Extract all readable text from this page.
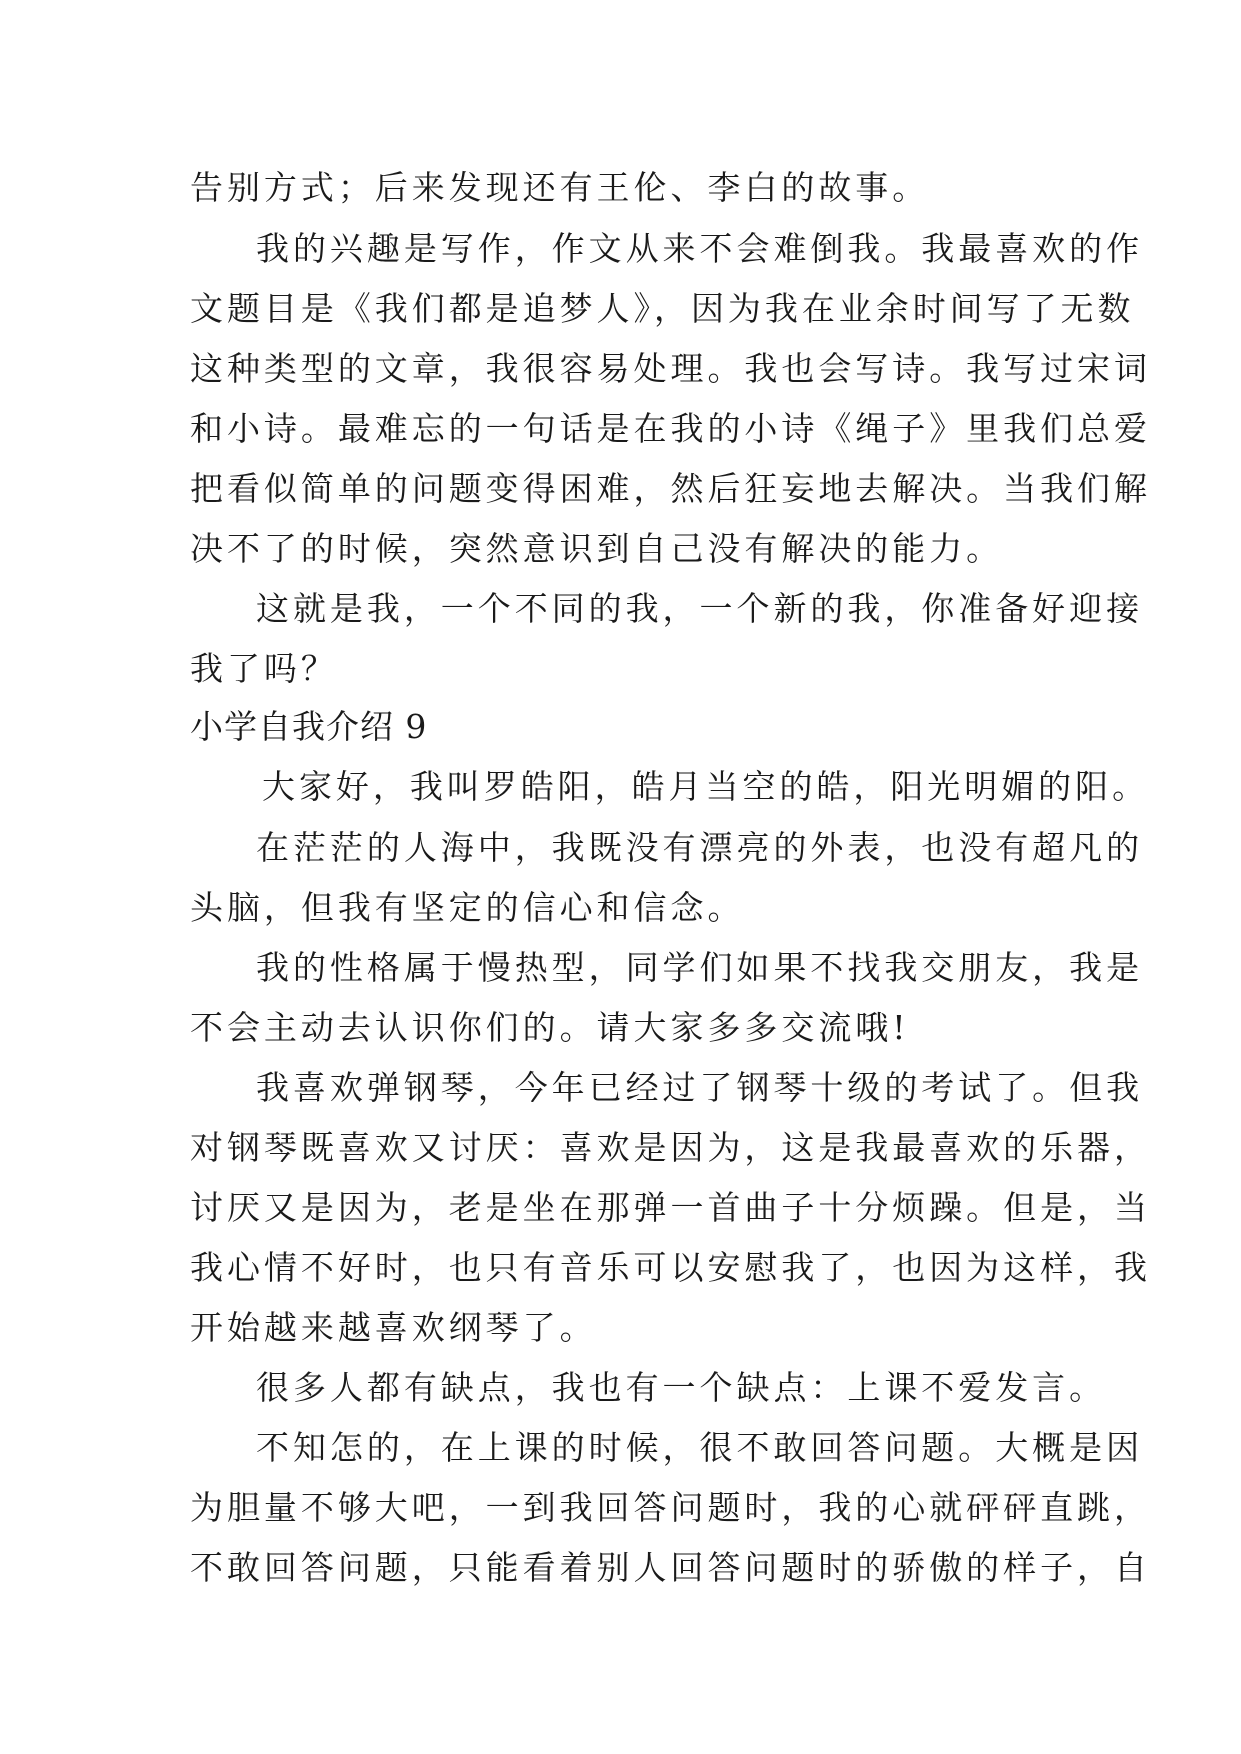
告别方式；后来发现还有王伦、李白的故事。
我的兴趣是写作，作文从来不会难倒我。我最喜欢的作
文题目是《我们都是追梦人》，因为我在业余时间写了无数
这种类型的文章，我很容易处理。我也会写诗。我写过宋词
和小诗。最难忘的一句话是在我的小诗《绳子》里我们总爱
把看似简单的问题变得困难，然后狂妄地去解决。当我们解
决不了的时候，突然意识到自己没有解决的能力。
这就是我，一个不同的我，一个新的我，你准备好迎接
我了吗？
小学自我介绍 9
大家好，我叫罗皓阳，皓月当空的皓，阳光明媚的阳。
在茫茫的人海中，我既没有漂亮的外表，也没有超凡的
头脑，但我有坚定的信心和信念。
我的性格属于慢热型，同学们如果不找我交朋友，我是
不会主动去认识你们的。请大家多多交流哦!
我喜欢弹钢琴，今年已经过了钢琴十级的考试了。但我
对钢琴既喜欢又讨厌：喜欢是因为，这是我最喜欢的乐器，
讨厌又是因为，老是坐在那弹一首曲子十分烦躁。但是，当
我心情不好时，也只有音乐可以安慰我了，也因为这样，我
开始越来越喜欢纲琴了。
很多人都有缺点，我也有一个缺点：上课不爱发言。
不知怎的，在上课的时候，很不敢回答问题。大概是因
为胆量不够大吧，一到我回答问题时，我的心就砰砰直跳，
不敢回答问题，只能看着别人回答问题时的骄傲的样子，自
